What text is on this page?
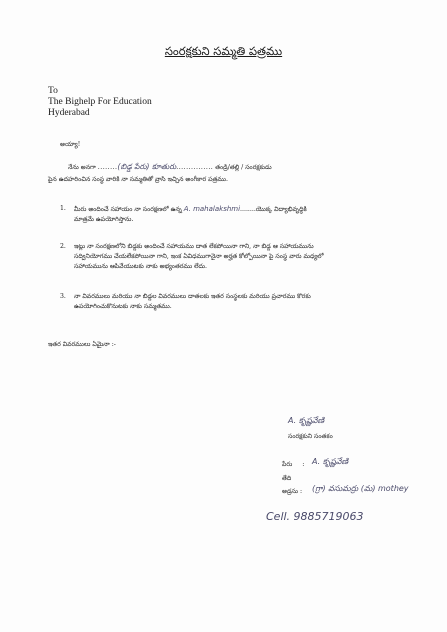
సంరక్షకుని సమ్మతి పత్రము
To
The Bighelp For Education
Hyderabad
అయ్యా!
నేను అనగా ........(బిడ్డ పేరు) కూతురు............... తండ్రి/తల్లి / సంరక్షకుడు
పైన ఉదహరించిన సంస్థ వారికి నా సమ్మతితో వ్రాసి ఇచ్చిన అంగీకార పత్రము.
1. మీరు అందించే సహాయం నా సంరక్షణలో ఉన్న A. mahalakshmi........యొక్క విద్యాభివృద్ధికి
మాత్రమే ఉపయోగిస్తాను.
2. ఇట్లు నా సంరక్షణలోని బిడ్డకు అందించే సహాయము దాత లేకపోయినా గాని, నా బిడ్డ ఆ సహాయమును
సద్వినియోగము చేయలేకపోయినా గాని, ఇంక ఏవిధముగానైనా అర్హత కోల్పోయినా పై సంస్థ వారు మధ్యలో
సహాయమును ఆపివేయుటకు నాకు అభ్యంతరము లేదు.
3. నా వివరములు మరియు నా బిడ్డల వివరములు దాతలకు ఇతర సంస్థలకు మరియు ప్రచారము కొరకు
ఉపయోగించుకొనుటకు నాకు సమ్మతము.
ఇతర వివరములు ఏమైనా :-
A. కృష్ణవేణి
సంరక్షకుని సంతకం
పేరు : A. కృష్ణవేణి
తేది
అడ్రసు : (గ్రా) వసుమర్రు (మ) mothey
Cell. 9885719063
